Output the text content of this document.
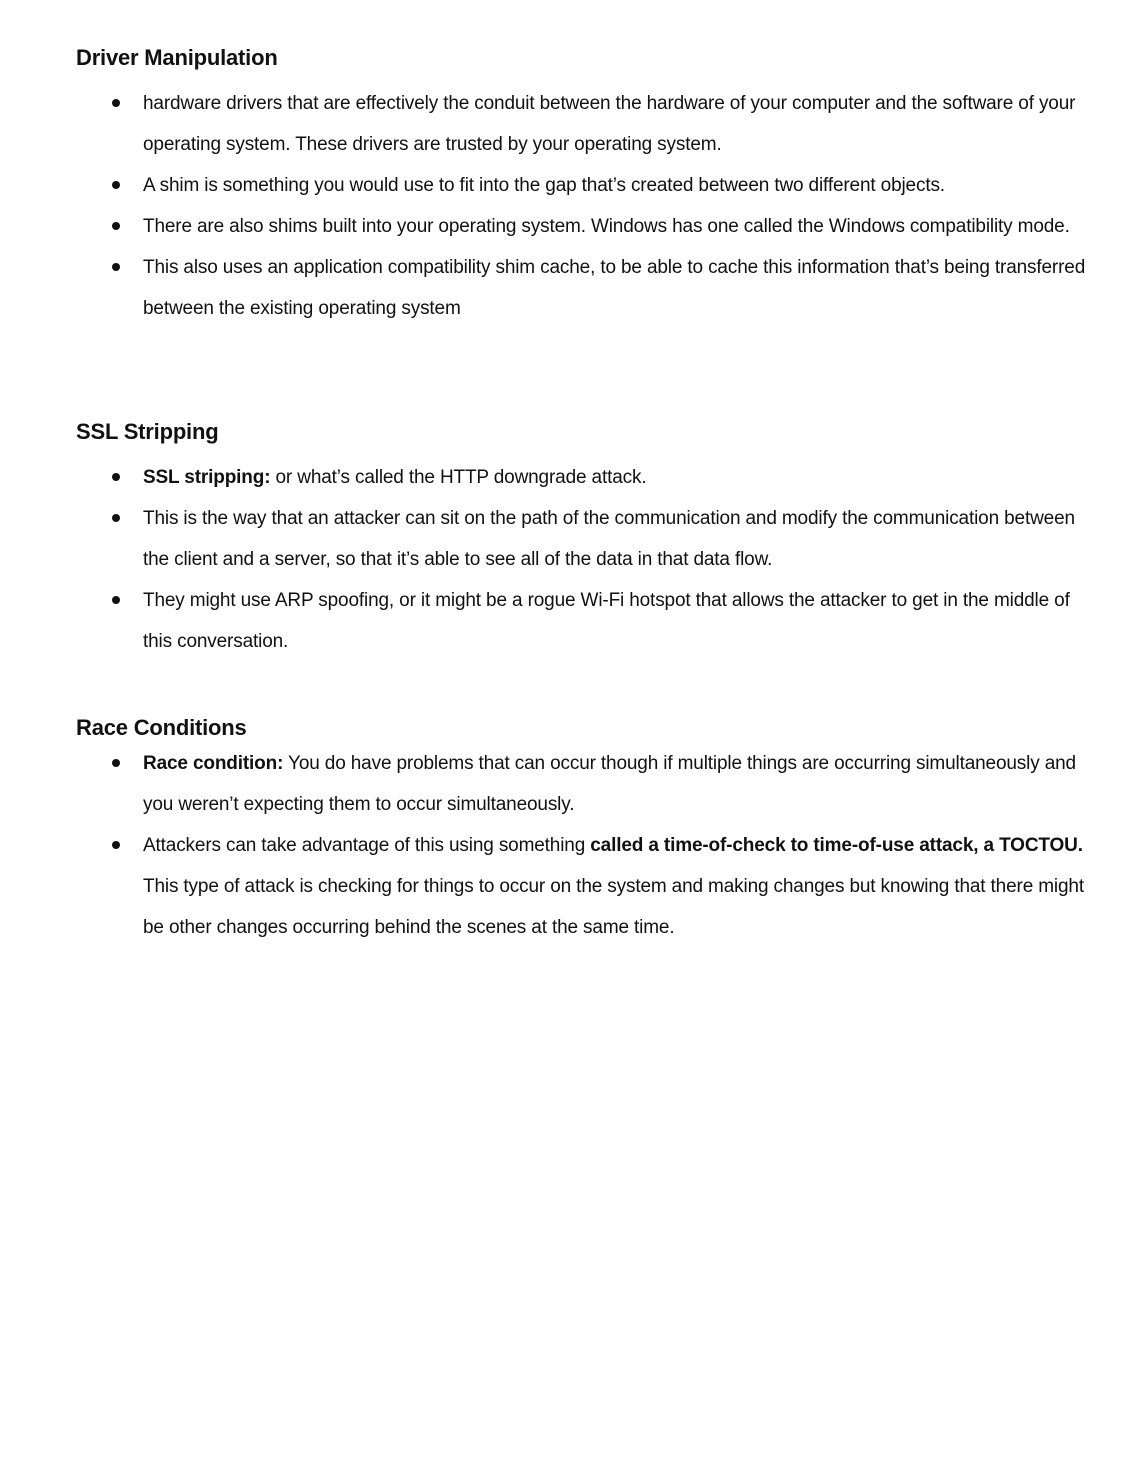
Driver Manipulation
hardware drivers that are effectively the conduit between the hardware of your computer and the software of your operating system. These drivers are trusted by your operating system.
A shim is something you would use to fit into the gap that’s created between two different objects.
There are also shims built into your operating system. Windows has one called the Windows compatibility mode.
This also uses an application compatibility shim cache, to be able to cache this information that’s being transferred between the existing operating system
SSL Stripping
SSL stripping: or what’s called the HTTP downgrade attack.
This is the way that an attacker can sit on the path of the communication and modify the communication between the client and a server, so that it’s able to see all of the data in that data flow.
They might use ARP spoofing, or it might be a rogue Wi-Fi hotspot that allows the attacker to get in the middle of this conversation.
Race Conditions
Race condition: You do have problems that can occur though if multiple things are occurring simultaneously and you weren’t expecting them to occur simultaneously.
Attackers can take advantage of this using something called a time-of-check to time-of-use attack, a TOCTOU. This type of attack is checking for things to occur on the system and making changes but knowing that there might be other changes occurring behind the scenes at the same time.
